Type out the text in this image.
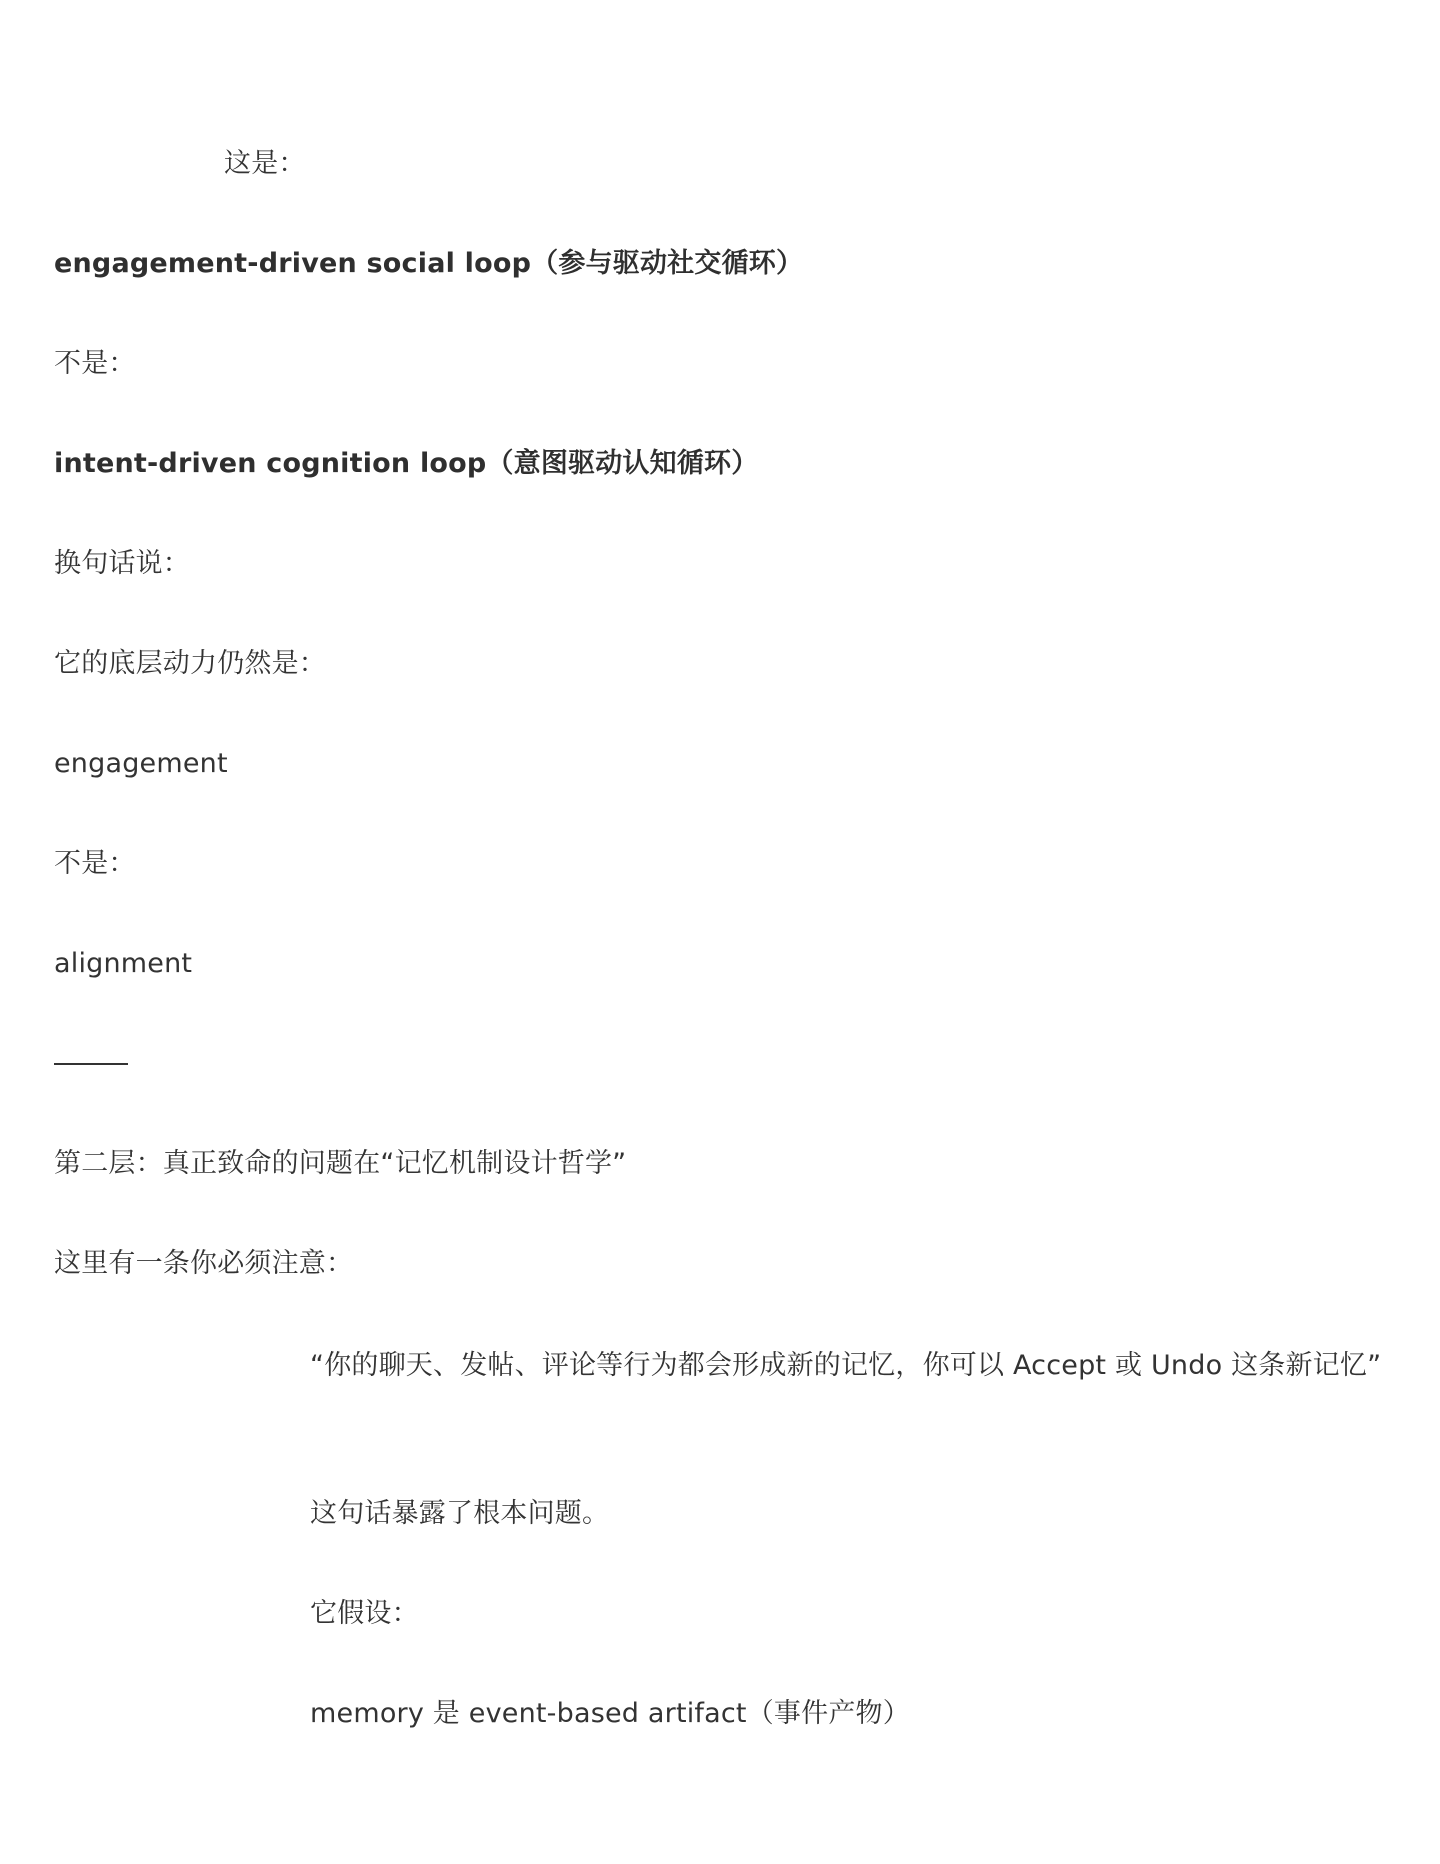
这是：
engagement-driven social loop（参与驱动社交循环）
不是：
intent-driven cognition loop（意图驱动认知循环）
换句话说：
它的底层动力仍然是：
engagement
不是：
alignment
第二层：真正致命的问题在“记忆机制设计哲学”
这里有一条你必须注意：
“你的聊天、发帖、评论等行为都会形成新的记忆，你可以 Accept 或 Undo 这条新记忆”
这句话暴露了根本问题。
它假设：
memory 是 event-based artifact（事件产物）
